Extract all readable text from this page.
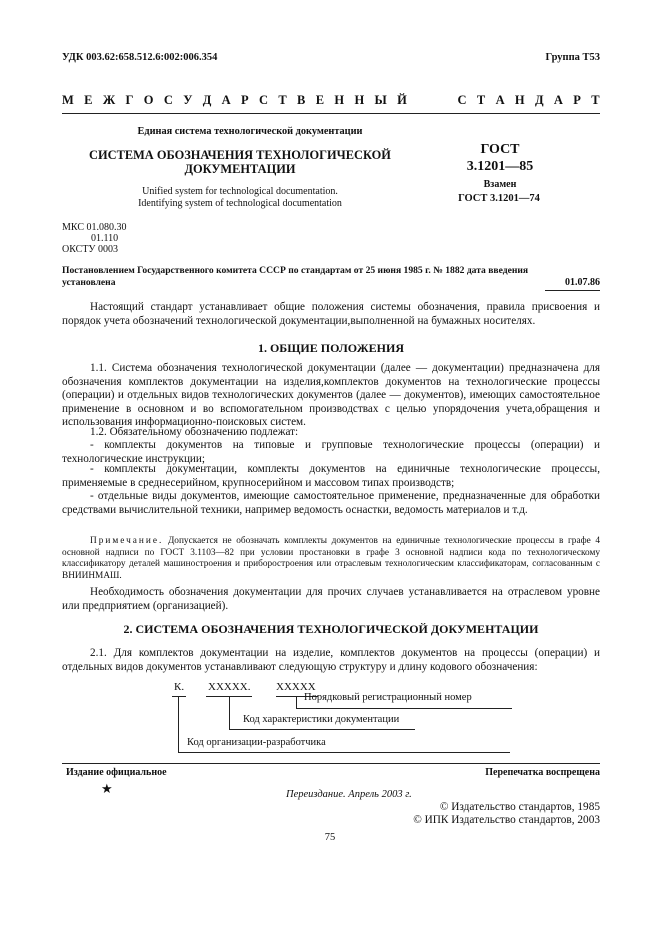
УДК 003.62:658.512.6:002:006.354	Группа Т53
М Е Ж Г О С У Д А Р С Т В Е Н Н Ы Й

	С Т А Н Д А Р Т
Единая система технологической документации
СИСТЕМА ОБОЗНАЧЕНИЯ ТЕХНОЛОГИЧЕСКОЙ
ДОКУМЕНТАЦИИ
Unified system for technological documentation.
Identifying system of technological documentation
ГОСТ
3.1201—85
Взамен
ГОСТ 3.1201—74
МКС 01.080.30
01.110
ОКСТУ 0003
Постановлением Государственного комитета СССР по стандартам от 25 июня 1985 г. № 1882 дата введения
установлена	01.07.86
Настоящий стандарт устанавливает общие положения системы обозначения, правила присвоения и порядок учета обозначений технологической документации,выполненной на бумажных носителях.
1. ОБЩИЕ ПОЛОЖЕНИЯ
1.1. Система обозначения технологической документации (далее — документации) предназначена для обозначения комплектов документации на изделия,комплектов документов на технологические процессы (операции) и отдельных видов технологических документов (далее — документов), имеющих самостоятельное применение в основном и во вспомогательном производствах с целью упорядочения учета,обращения и использования информационно-поисковых систем.
1.2. Обязательному обозначению подлежат:
- комплекты документов на типовые и групповые технологические процессы (операции) и технологические инструкции;
- комплекты документации, комплекты документов на единичные технологические процессы, применяемые в среднесерийном, крупносерийном и массовом типах производств;
- отдельные виды документов, имеющие самостоятельное применение, предназначенные для обработки средствами вычислительной техники, например ведомость оснастки, ведомость материалов и т.д.
Примечание. Допускается не обозначать комплекты документов на единичные технологические процессы в графе 4 основной надписи по ГОСТ 3.1103—82 при условии простановки в графе 3 основной надписи кода по технологическому классификатору деталей машиностроения и приборостроения или отраслевым технологическим классификаторам, согласованным с ВНИИНМАШ.
Необходимость обозначения документации для прочих случаев устанавливается на отраслевом уровне или предприятием (организацией).
2. СИСТЕМА ОБОЗНАЧЕНИЯ ТЕХНОЛОГИЧЕСКОЙ ДОКУМЕНТАЦИИ
2.1. Для комплектов документации на изделие, комплектов документов на процессы (операции) и отдельных видов документов устанавливают следующую структуру и длину кодового обозначения:
К. ХХХХХ. ХХХХХ
Порядковый регистрационный номер
Код характеристики документации
Код организации-разработчика
Издание официальное	Перепечатка воспрещена
★	Переиздание. Апрель 2003 г.
© Издательство стандартов, 1985
© ИПК Издательство стандартов, 2003
75
